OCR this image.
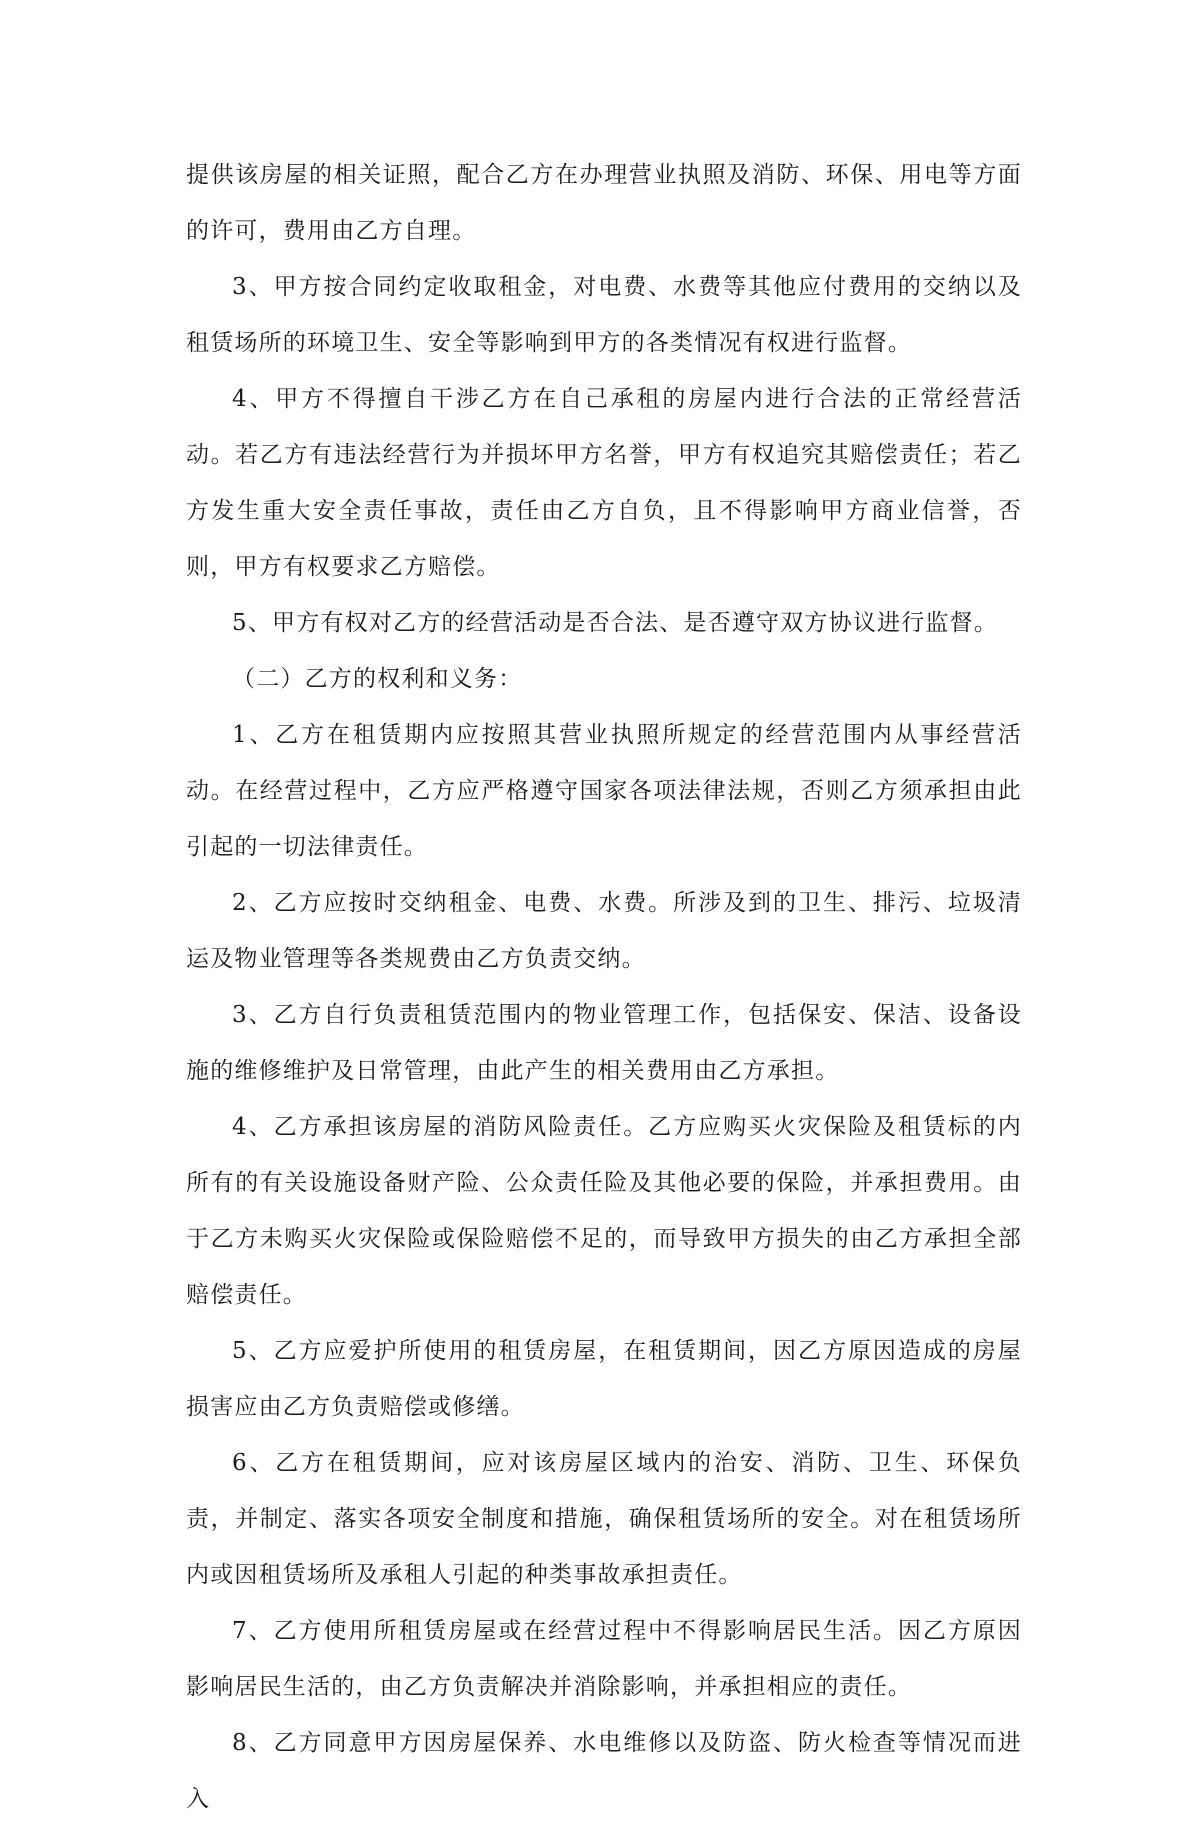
提供该房屋的相关证照，配合乙方在办理营业执照及消防、环保、用电等方面的许可，费用由乙方自理。

3、甲方按合同约定收取租金，对电费、水费等其他应付费用的交纳以及租赁场所的环境卫生、安全等影响到甲方的各类情况有权进行监督。

4、甲方不得擅自干涉乙方在自己承租的房屋内进行合法的正常经营活动。若乙方有违法经营行为并损坏甲方名誉，甲方有权追究其赔偿责任；若乙方发生重大安全责任事故，责任由乙方自负，且不得影响甲方商业信誉，否则，甲方有权要求乙方赔偿。

5、甲方有权对乙方的经营活动是否合法、是否遵守双方协议进行监督。

（二）乙方的权利和义务：

1、乙方在租赁期内应按照其营业执照所规定的经营范围内从事经营活动。在经营过程中，乙方应严格遵守国家各项法律法规，否则乙方须承担由此引起的一切法律责任。

2、乙方应按时交纳租金、电费、水费。所涉及到的卫生、排污、垃圾清运及物业管理等各类规费由乙方负责交纳。

3、乙方自行负责租赁范围内的物业管理工作，包括保安、保洁、设备设施的维修维护及日常管理，由此产生的相关费用由乙方承担。

4、乙方承担该房屋的消防风险责任。乙方应购买火灾保险及租赁标的内所有的有关设施设备财产险、公众责任险及其他必要的保险，并承担费用。由于乙方未购买火灾保险或保险赔偿不足的，而导致甲方损失的由乙方承担全部赔偿责任。

5、乙方应爱护所使用的租赁房屋，在租赁期间，因乙方原因造成的房屋损害应由乙方负责赔偿或修缮。

6、乙方在租赁期间，应对该房屋区域内的治安、消防、卫生、环保负责，并制定、落实各项安全制度和措施，确保租赁场所的安全。对在租赁场所内或因租赁场所及承租人引起的种类事故承担责任。

7、乙方使用所租赁房屋或在经营过程中不得影响居民生活。因乙方原因影响居民生活的，由乙方负责解决并消除影响，并承担相应的责任。

8、乙方同意甲方因房屋保养、水电维修以及防盗、防火检查等情况而进入
